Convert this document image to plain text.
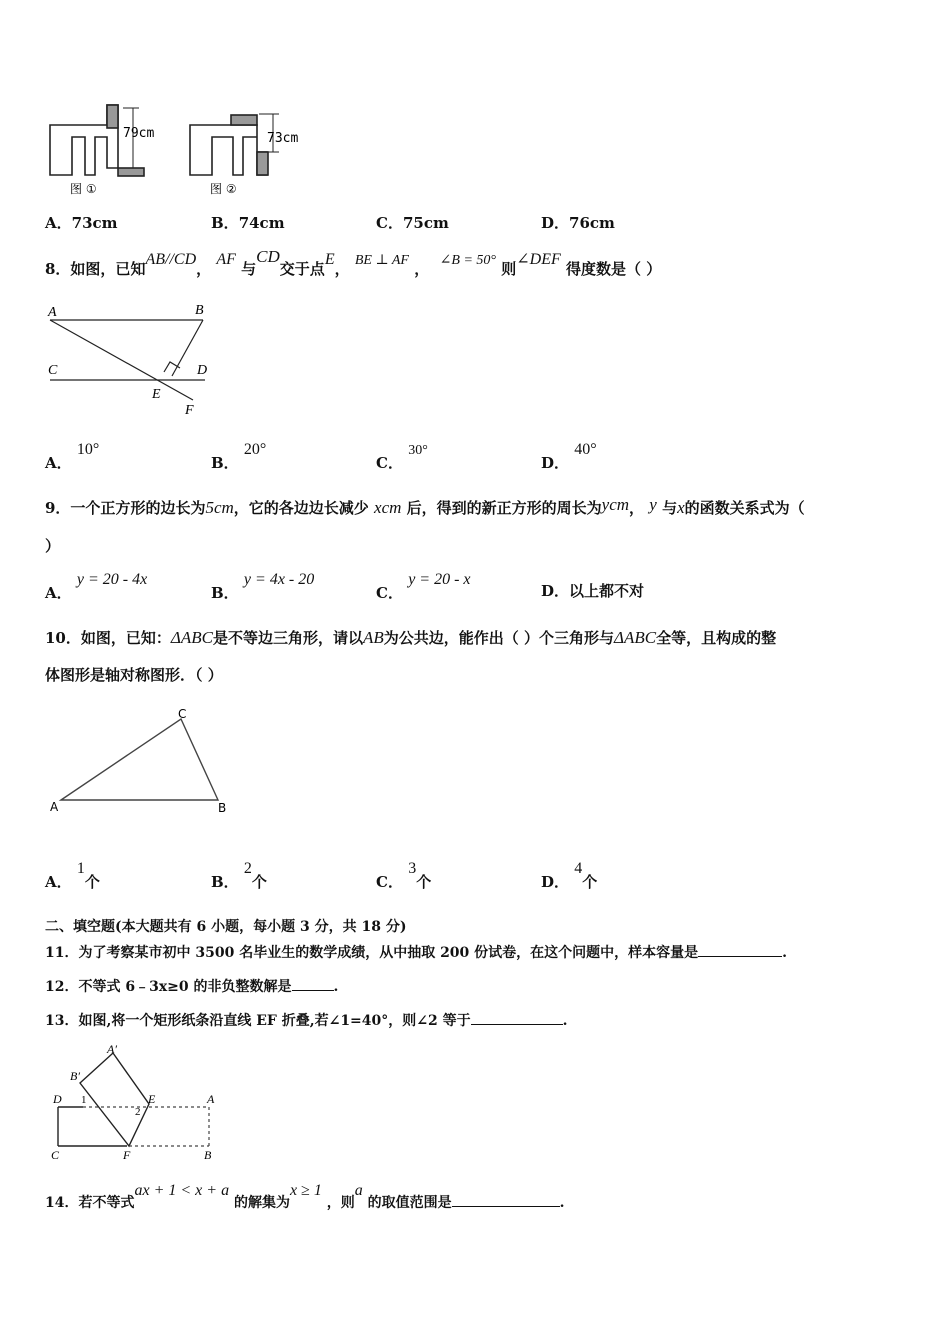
79cm
图 ①
73cm
图 ②
A．73cm	B．74cm	C．75cm	D．76cm
8．如图，已知AB//CD， AF 与CD交于点E， BE ⊥ AF ， ∠B = 50° 则∠DEF 得度数是（ ）
A	B
C	D
E
F
A． 10°
B． 20°
C． 30°
D． 40°
9．一个正方形的边长为5cm，它的各边边长减少 xcm 后，得到的新正方形的周长为ycm， y 与x的函数关系式为（
）
A． y = 20 - 4x
B． y = 4x - 20
C． y = 20 - x
D．以上都不对
10．如图，已知：ΔABC是不等边三角形，请以AB为公共边，能作出（ ）个三角形与ΔABC全等，且构成的整
体图形是轴对称图形．（ ）
A
C
B
A． 1个	B． 2个	C． 3个	D． 4个
二、填空题(本大题共有 6 小题，每小题 3 分，共 18 分)
11．为了考察某市初中 3500 名毕业生的数学成绩，从中抽取 200 份试卷，在这个问题中，样本容量是	.
12．不等式 6﹣3x≥0 的非负整数解是	.
13．如图,将一个矩形纸条沿直线 EF 折叠,若∠1=40°，则∠2 等于	.
A′
B′
D 1	E
2
A
C	F	B
14．若不等式ax + 1 < x + a 的解集为x ≥ 1 ，则a 的取值范围是	.
